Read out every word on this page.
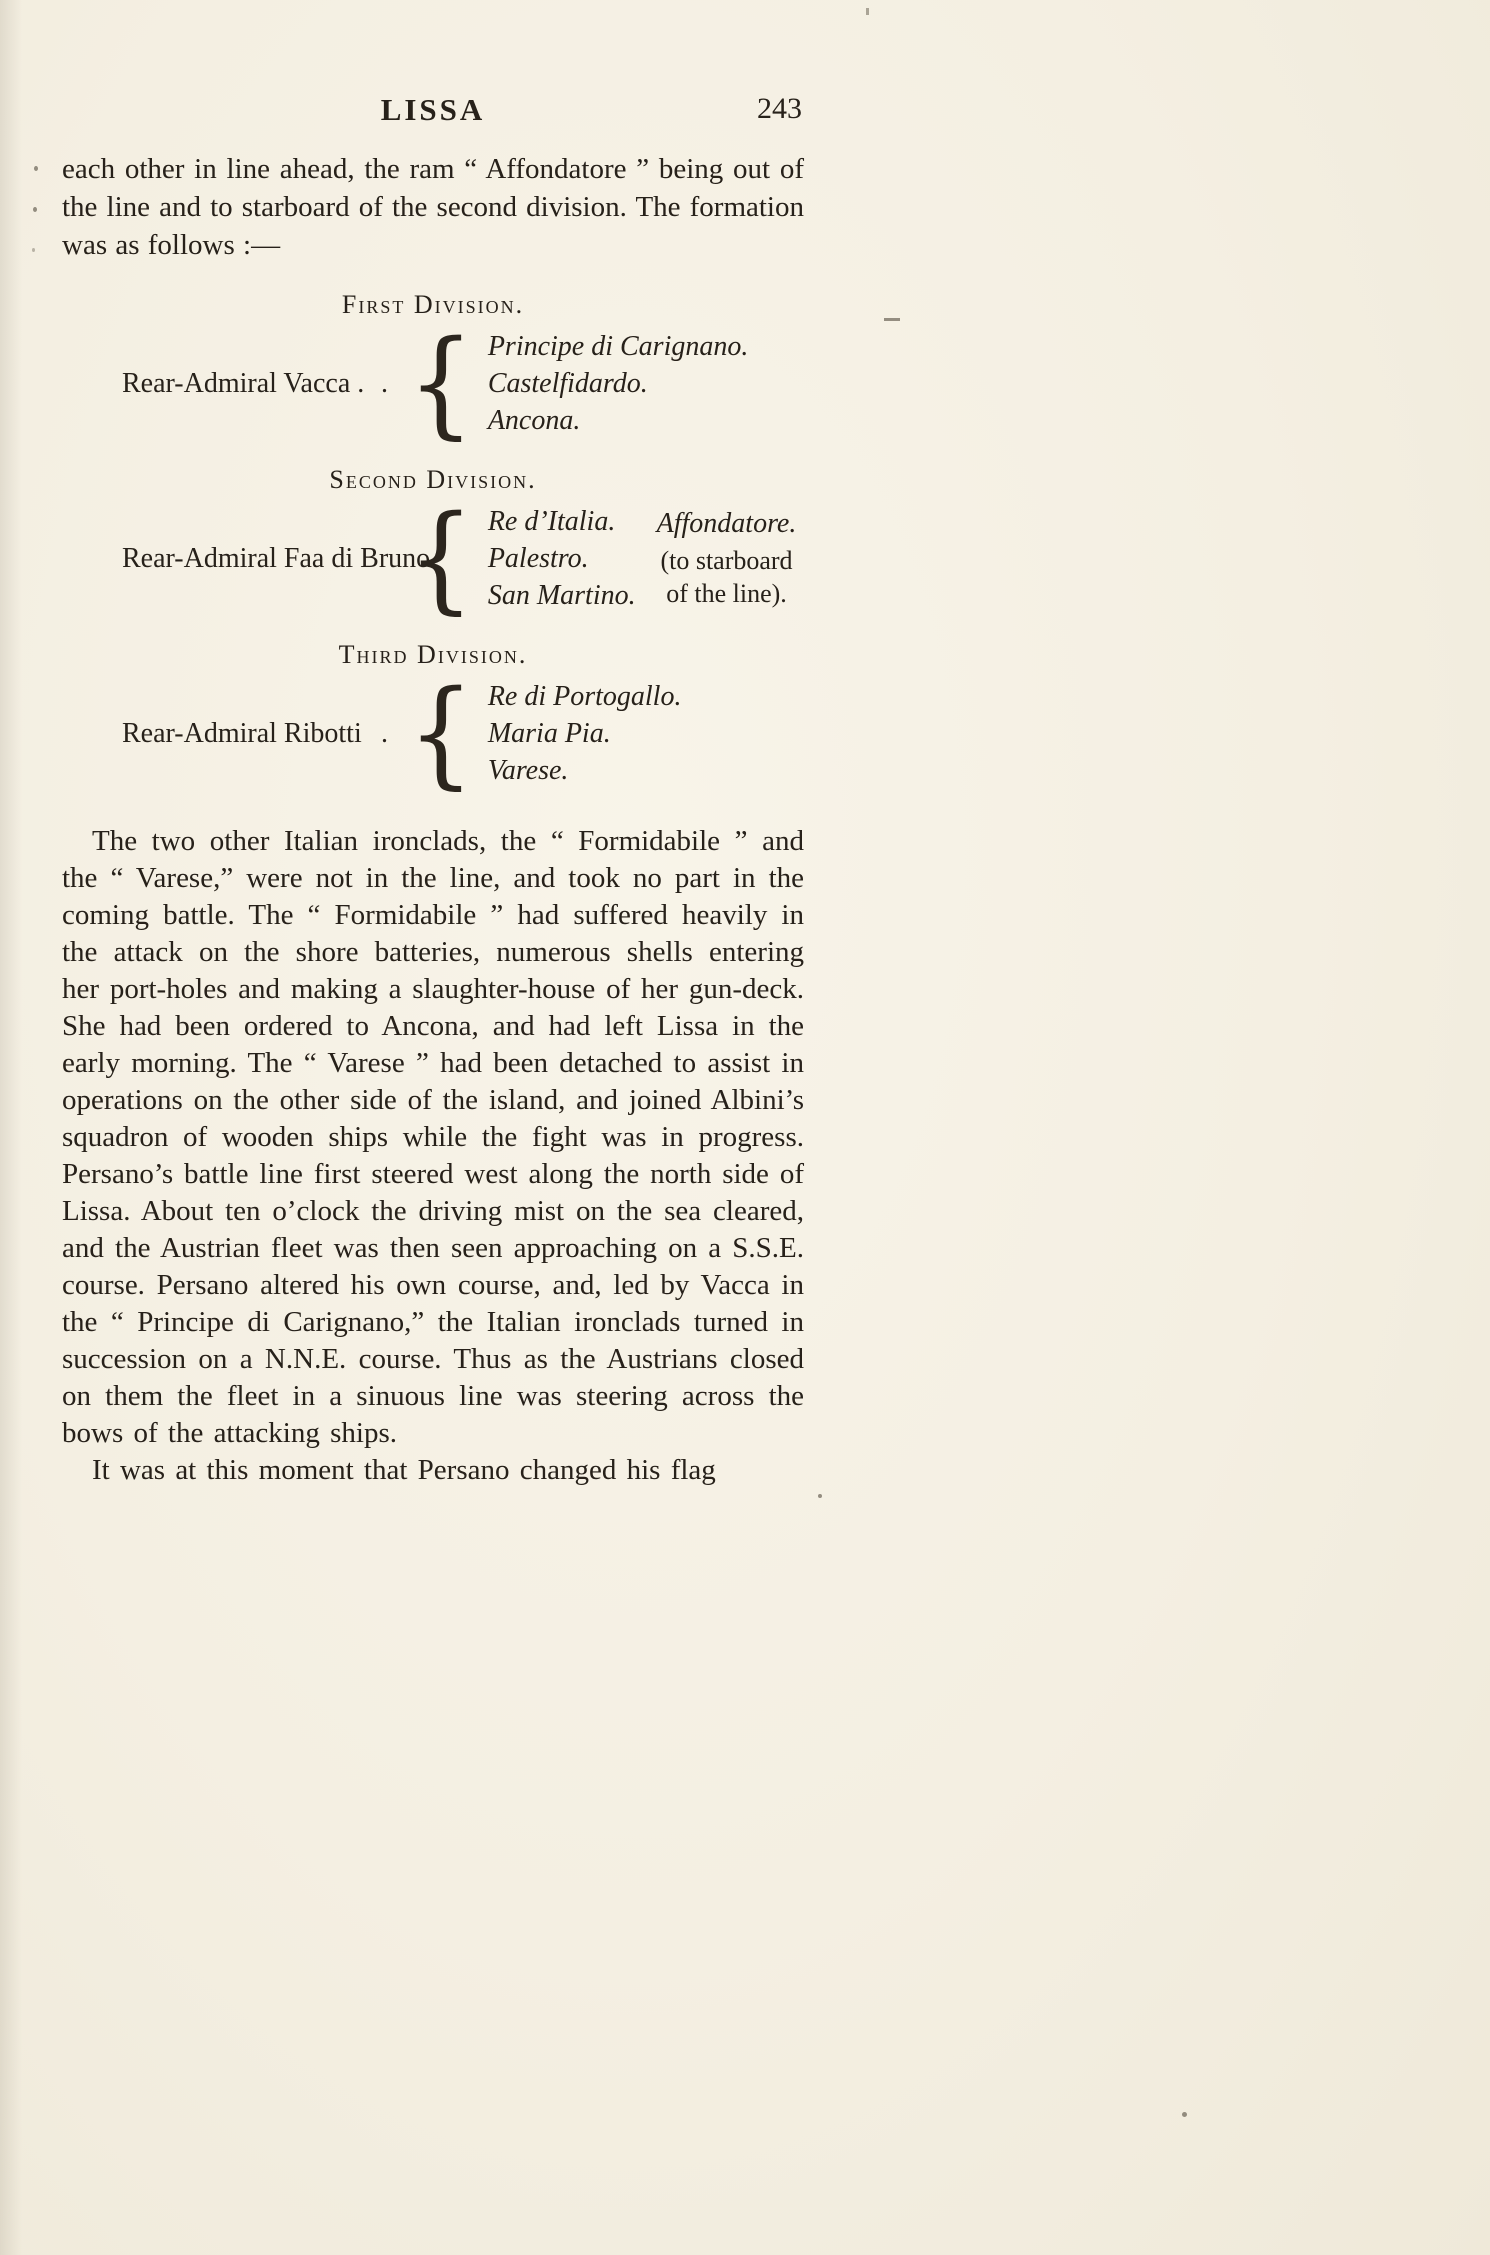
LISSA	243

each other in line ahead, the ram “ Affondatore ” being out of the line and to starboard of the second division. The formation was as follows :—

First Division.
Rear-Admiral Vacca . . { Principe di Carignano.
Castelfidardo.
Ancona.
Second Division.
Rear-Admiral Faa di Bruno
{ Re d’Italia.
Palestro.
San Martino.
Affondatore.
(to starboard of the line).
Third Division.
Rear-Admiral Ribotti . { Re di Portogallo.
Maria Pia.
Varese.

The two other Italian ironclads, the “ Formidabile ” and the “ Varese,” were not in the line, and took no part in the coming battle. The “ Formidabile ” had suffered heavily in the attack on the shore batteries, numerous shells entering her port-holes and making a slaughter-house of her gun-deck. She had been ordered to Ancona, and had left Lissa in the early morning. The “ Varese ” had been detached to assist in operations on the other side of the island, and joined Albini’s squadron of wooden ships while the fight was in progress. Persano’s battle line first steered west along the north side of Lissa. About ten o’clock the driving mist on the sea cleared, and the Austrian fleet was then seen approaching on a S.S.E. course. Persano altered his own course, and, led by Vacca in the “ Principe di Carignano,” the Italian ironclads turned in succession on a N.N.E. course. Thus as the Austrians closed on them the fleet in a sinuous line was steering across the bows of the attacking ships.

It was at this moment that Persano changed his flag
